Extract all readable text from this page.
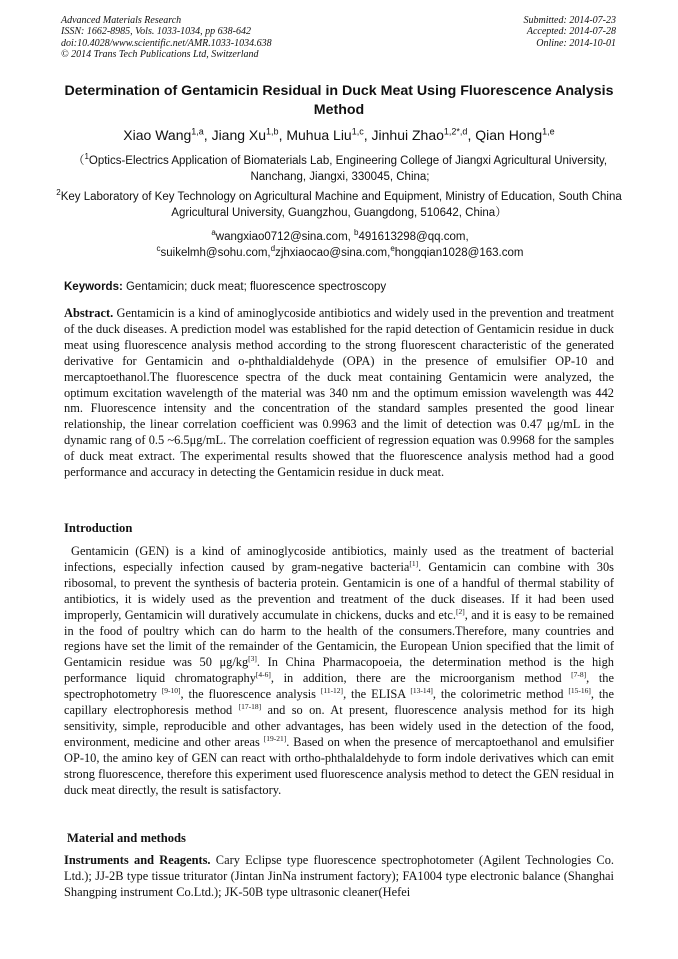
Advanced Materials Research
ISSN: 1662-8985, Vols. 1033-1034, pp 638-642
doi:10.4028/www.scientific.net/AMR.1033-1034.638
© 2014 Trans Tech Publications Ltd, Switzerland
Submitted: 2014-07-23
Accepted: 2014-07-28
Online: 2014-10-01
Determination of Gentamicin Residual in Duck Meat Using Fluorescence Analysis Method
Xiao Wang$^{1,a}$, Jiang Xu$^{1,b}$, Muhua Liu$^{1,c}$, Jinhui Zhao$^{1,2*,d}$, Qian Hong$^{1,e}$
（$^1$Optics-Electrics Application of Biomaterials Lab, Engineering College of Jiangxi Agricultural University, Nanchang, Jiangxi, 330045, China;
$^2$Key Laboratory of Key Technology on Agricultural Machine and Equipment, Ministry of Education, South China Agricultural University, Guangzhou, Guangdong, 510642, China）
$^a$wangxiao0712@sina.com, $^b$491613298@qq.com,
$^c$suikelmh@sohu.com,$^d$zjhxiaocao@sina.com,$^e$hongqian1028@163.com
Keywords: Gentamicin; duck meat; fluorescence spectroscopy
Abstract. Gentamicin is a kind of aminoglycoside antibiotics and widely used in the prevention and treatment of the duck diseases. A prediction model was established for the rapid detection of Gentamicin residue in duck meat using fluorescence analysis method according to the strong fluorescent characteristic of the generated derivative for Gentamicin and o-phthaldialdehyde (OPA) in the presence of emulsifier OP-10 and mercaptoethanol.The fluorescence spectra of the duck meat containing Gentamicin were analyzed, the optimum excitation wavelength of the material was 340 nm and the optimum emission wavelength was 442 nm. Fluorescence intensity and the concentration of the standard samples presented the good linear relationship, the linear correlation coefficient was 0.9963 and the limit of detection was 0.47 μg/mL in the dynamic rang of 0.5 ~6.5μg/mL. The correlation coefficient of regression equation was 0.9968 for the samples of duck meat extract. The experimental results showed that the fluorescence analysis method had a good performance and accuracy in detecting the Gentamicin residue in duck meat.
Introduction
Gentamicin (GEN) is a kind of aminoglycoside antibiotics, mainly used as the treatment of bacterial infections, especially infection caused by gram-negative bacteria[1]. Gentamicin can combine with 30s ribosomal, to prevent the synthesis of bacteria protein. Gentamicin is one of a handful of thermal stability of antibiotics, it is widely used as the prevention and treatment of the duck diseases. If it had been used improperly, Gentamicin will duratively accumulate in chickens, ducks and etc.[2], and it is easy to be remained in the food of poultry which can do harm to the health of the consumers.Therefore, many countries and regions have set the limit of the remainder of the Gentamicin, the European Union specified that the limit of Gentamicin residue was 50 μg/kg[3]. In China Pharmacopoeia, the determination method is the high performance liquid chromatography[4-6], in addition, there are the microorganism method [7-8], the spectrophotometry [9-10], the fluorescence analysis [11-12], the ELISA [13-14], the colorimetric method [15-16], the capillary electrophoresis method [17-18] and so on. At present, fluorescence analysis method for its high sensitivity, simple, reproducible and other advantages, has been widely used in the detection of the food, environment, medicine and other areas [19-21]. Based on when the presence of mercaptoethanol and emulsifier OP-10, the amino key of GEN can react with ortho-phthalaldehyde to form indole derivatives which can emit strong fluorescence, therefore this experiment used fluorescence analysis method to detect the GEN residual in duck meat directly, the result is satisfactory.
Material and methods
Instruments and Reagents. Cary Eclipse type fluorescence spectrophotometer (Agilent Technologies Co. Ltd.); JJ-2B type tissue triturator (Jintan JinNa instrument factory); FA1004 type electronic balance (Shanghai Shangping instrument Co.Ltd.); JK-50B type ultrasonic cleaner(Hefei
